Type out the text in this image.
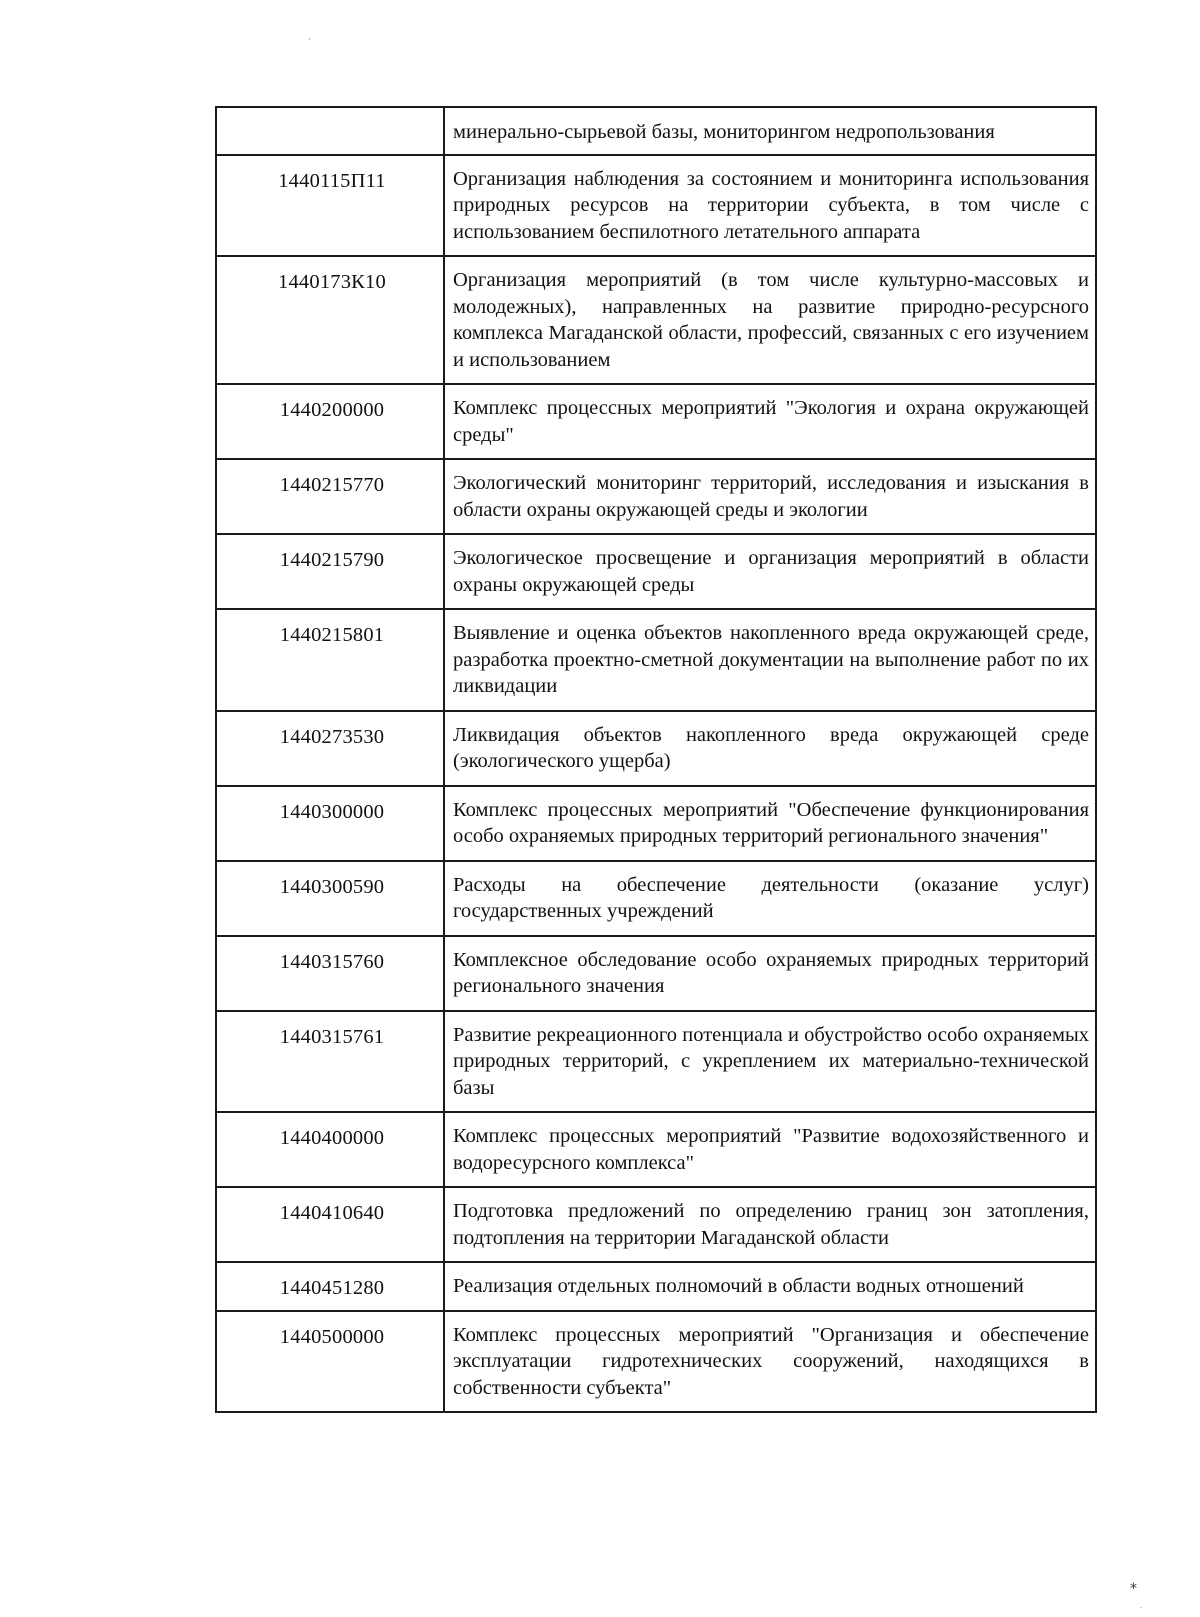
·
	минерально-сырьевой базы, мониторингом недропользования
1440115П11	Организация наблюдения за состоянием и мониторинга использования природных ресурсов на территории субъекта, в том числе с использованием беспилотного летательного аппарата
1440173К10	Организация мероприятий (в том числе культурно-массовых и молодежных), направленных на развитие природно-ресурсного комплекса Магаданской области, профессий, связанных с его изучением и использованием
1440200000	Комплекс процессных мероприятий "Экология и охрана окружающей среды"
1440215770	Экологический мониторинг территорий, исследования и изыскания в области охраны окружающей среды и экологии
1440215790	Экологическое просвещение и организация мероприятий в области охраны окружающей среды
1440215801	Выявление и оценка объектов накопленного вреда окружающей среде, разработка проектно-сметной документации на выполнение работ по их ликвидации
1440273530	Ликвидация объектов накопленного вреда окружающей среде (экологического ущерба)
1440300000	Комплекс процессных мероприятий "Обеспечение функционирования особо охраняемых природных территорий регионального значения"
1440300590	Расходы на обеспечение деятельности (оказание услуг) государственных учреждений
1440315760	Комплексное обследование особо охраняемых природных территорий регионального значения
1440315761	Развитие рекреационного потенциала и обустройство особо охраняемых природных территорий, с укреплением их материально-технической базы
1440400000	Комплекс процессных мероприятий "Развитие водохозяйственного и водоресурсного комплекса"
1440410640	Подготовка предложений по определению границ зон затопления, подтопления на территории Магаданской области
1440451280	Реализация отдельных полномочий в области водных отношений
1440500000	Комплекс процессных мероприятий "Организация и обеспечение эксплуатации гидротехнических сооружений, находящихся в собственности субъекта"
*
·
